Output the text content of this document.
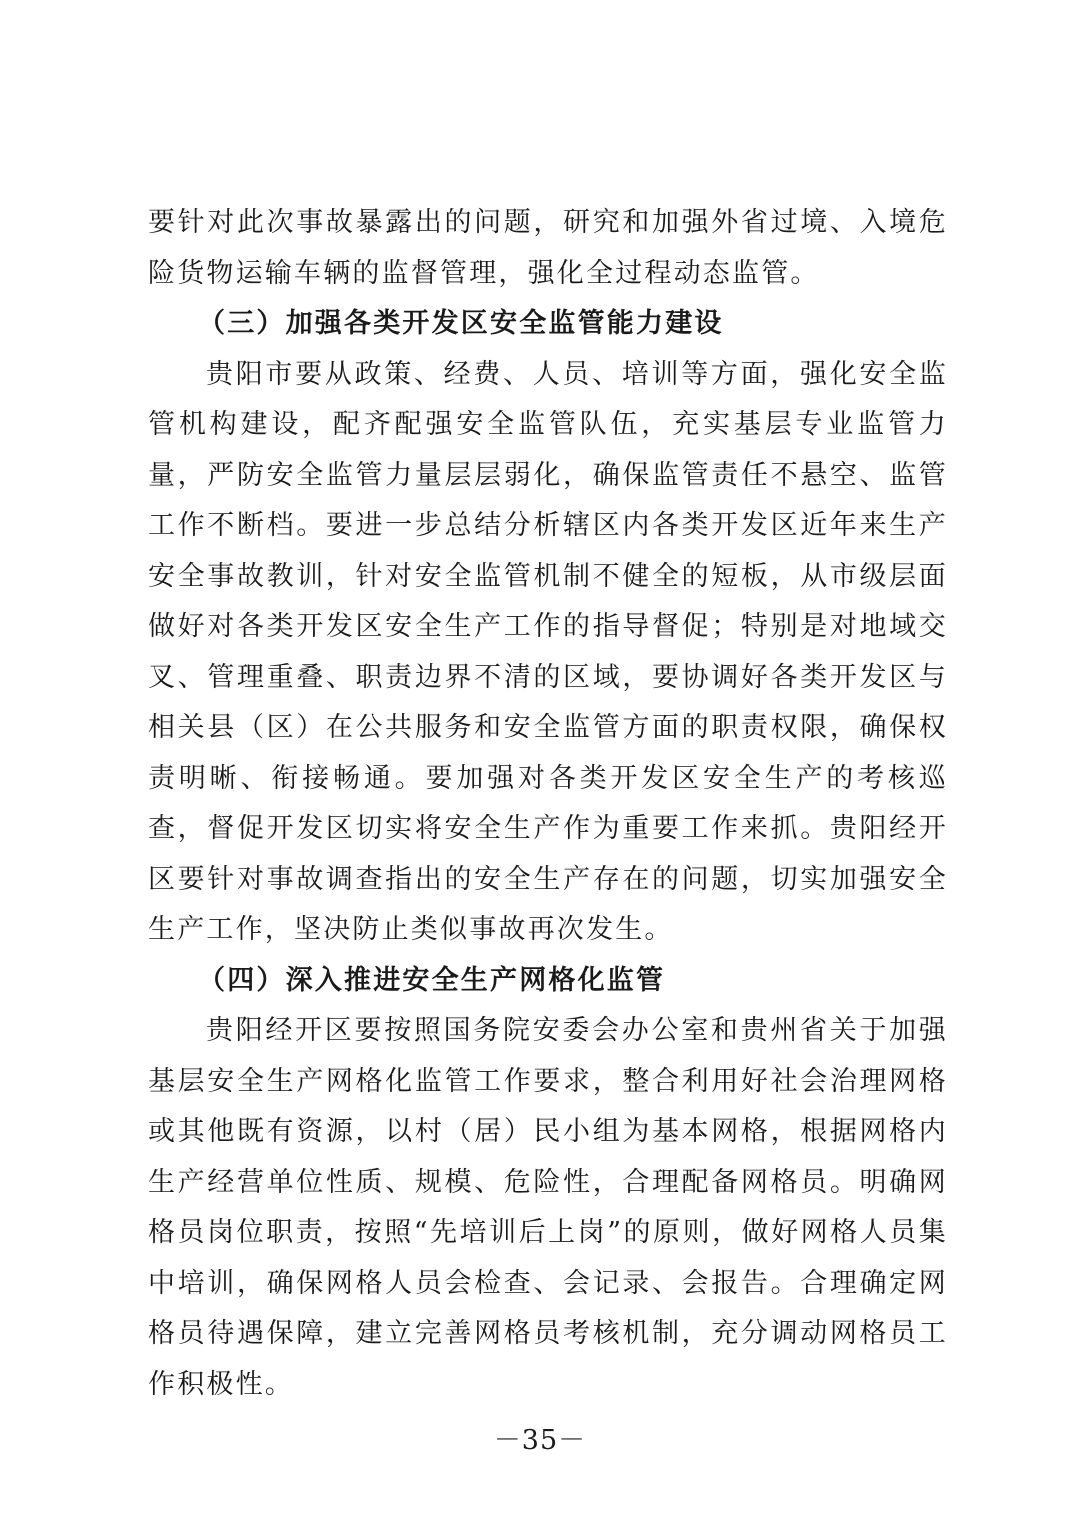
要针对此次事故暴露出的问题，研究和加强外省过境、入境危险货物运输车辆的监督管理，强化全过程动态监管。

（三）加强各类开发区安全监管能力建设

贵阳市要从政策、经费、人员、培训等方面，强化安全监管机构建设，配齐配强安全监管队伍，充实基层专业监管力量，严防安全监管力量层层弱化，确保监管责任不悬空、监管工作不断档。要进一步总结分析辖区内各类开发区近年来生产安全事故教训，针对安全监管机制不健全的短板，从市级层面做好对各类开发区安全生产工作的指导督促；特别是对地域交叉、管理重叠、职责边界不清的区域，要协调好各类开发区与相关县（区）在公共服务和安全监管方面的职责权限，确保权责明晰、衔接畅通。要加强对各类开发区安全生产的考核巡查，督促开发区切实将安全生产作为重要工作来抓。贵阳经开区要针对事故调查指出的安全生产存在的问题，切实加强安全生产工作，坚决防止类似事故再次发生。

（四）深入推进安全生产网格化监管

贵阳经开区要按照国务院安委会办公室和贵州省关于加强基层安全生产网格化监管工作要求，整合利用好社会治理网格或其他既有资源，以村（居）民小组为基本网格，根据网格内生产经营单位性质、规模、危险性，合理配备网格员。明确网格员岗位职责，按照“先培训后上岗”的原则，做好网格人员集中培训，确保网格人员会检查、会记录、会报告。合理确定网格员待遇保障，建立完善网格员考核机制，充分调动网格员工作积极性。

－35－
